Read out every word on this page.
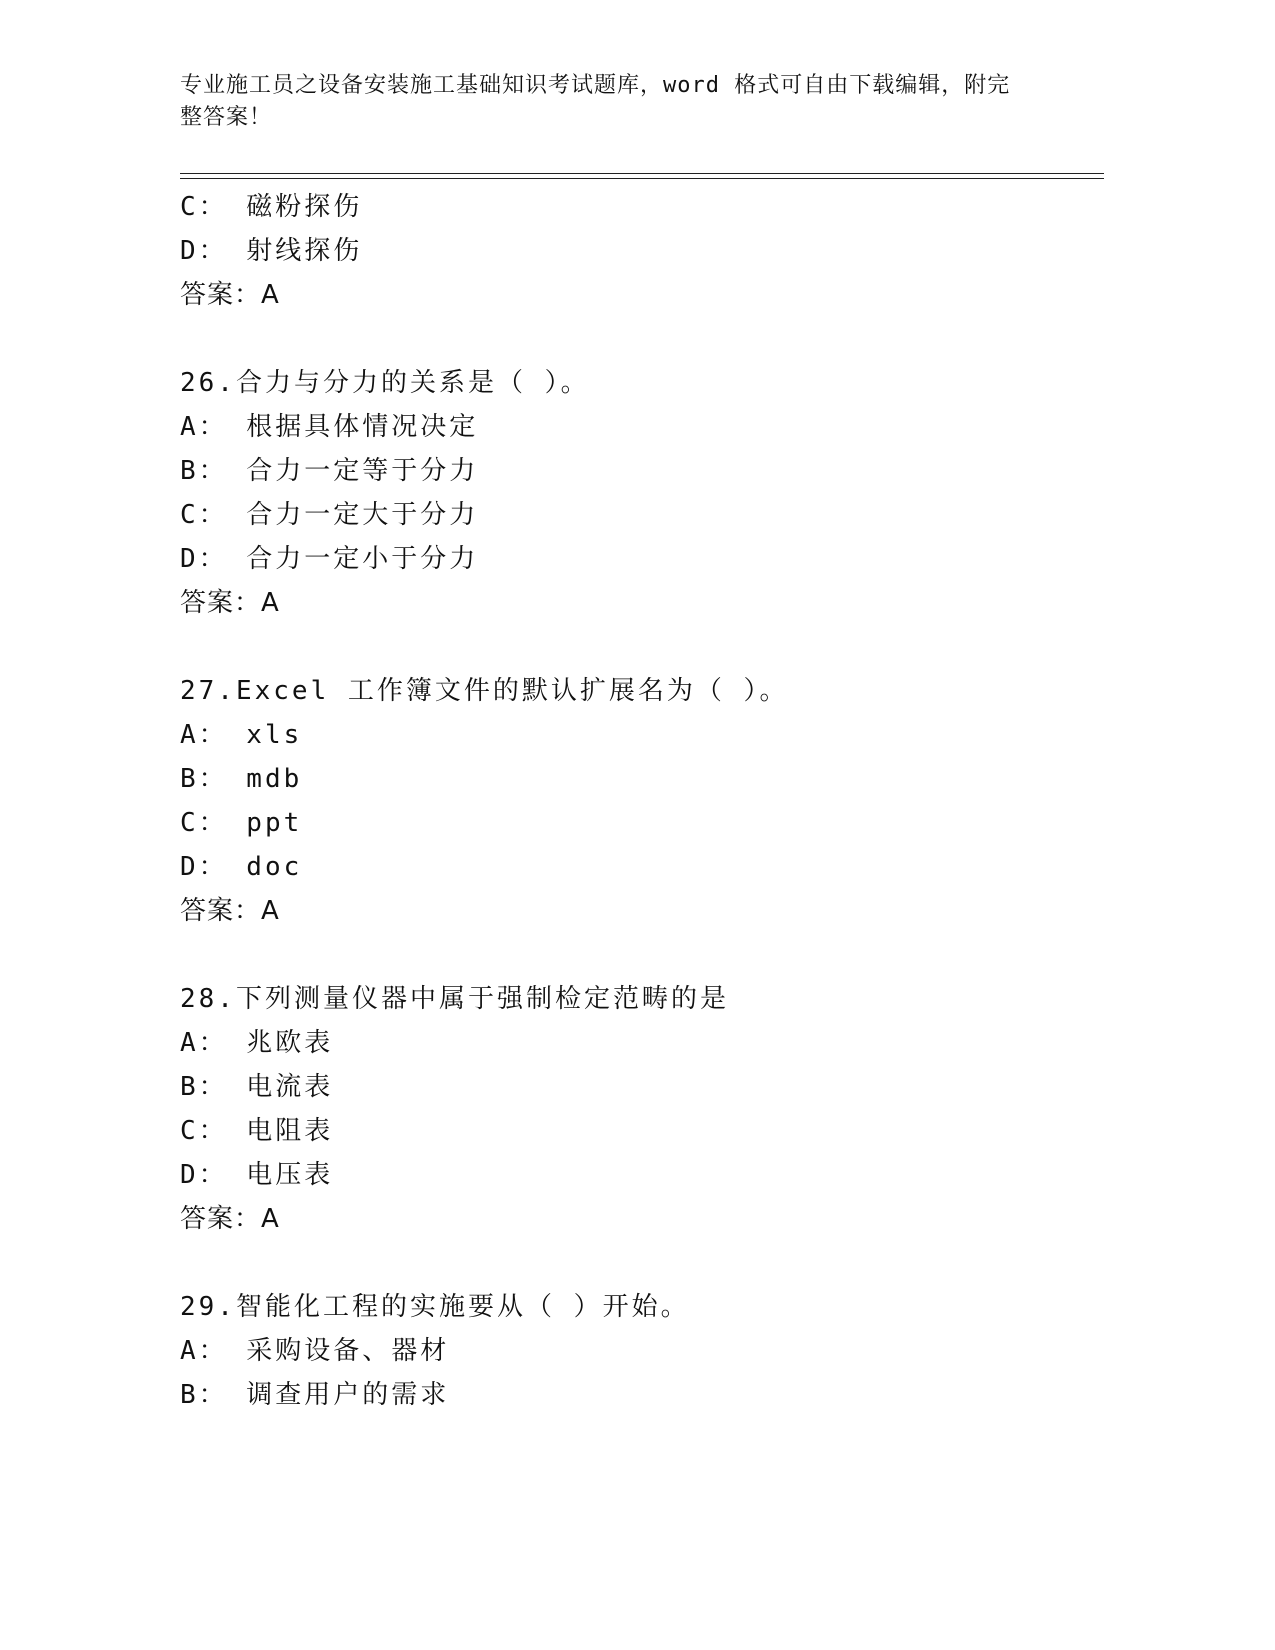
专业施工员之设备安装施工基础知识考试题库，word 格式可自由下载编辑，附完
整答案！
C： 磁粉探伤
D： 射线探伤
答案：A
26.合力与分力的关系是（ ）。
A： 根据具体情况决定
B： 合力一定等于分力
C： 合力一定大于分力
D： 合力一定小于分力
答案：A
27.Excel 工作簿文件的默认扩展名为（ ）。
A： xls
B： mdb
C： ppt
D： doc
答案：A
28.下列测量仪器中属于强制检定范畴的是
A： 兆欧表
B： 电流表
C： 电阻表
D： 电压表
答案：A
29.智能化工程的实施要从（ ）开始。
A： 采购设备、器材
B： 调查用户的需求
